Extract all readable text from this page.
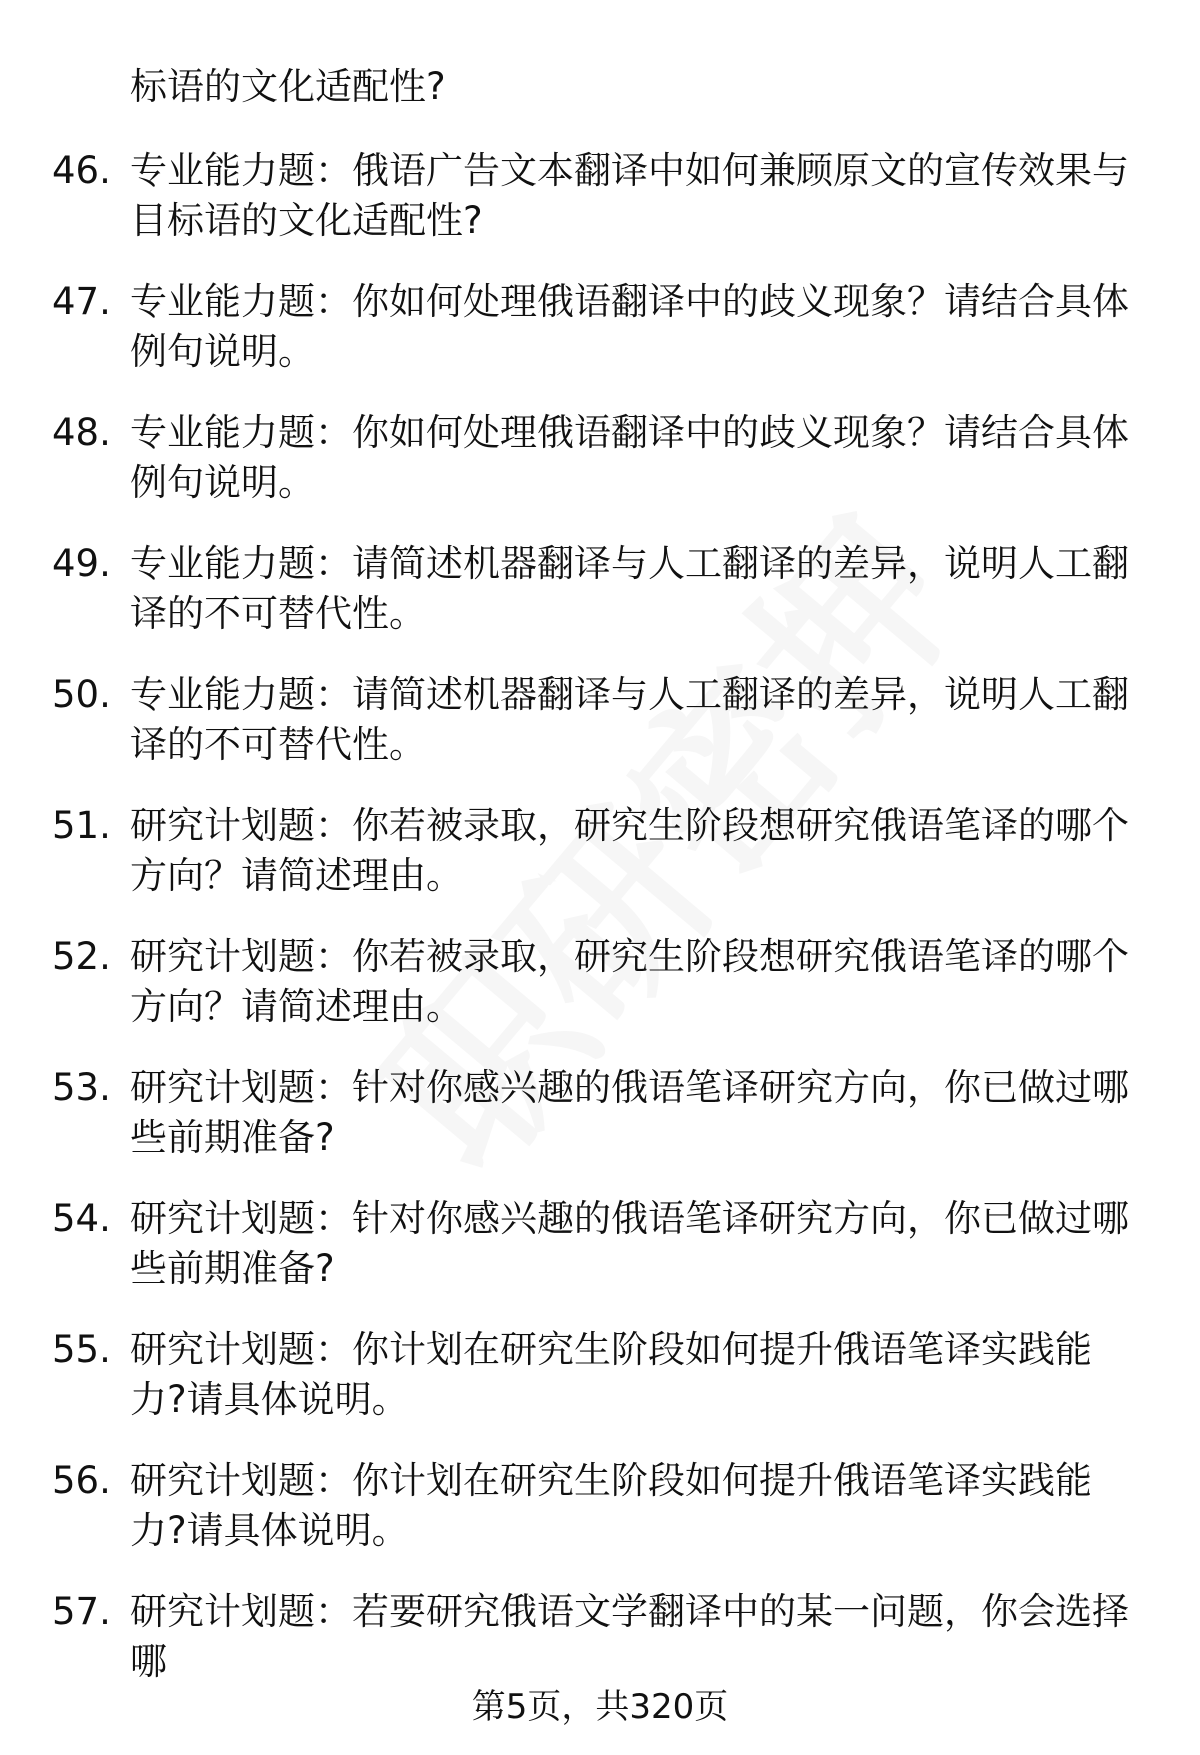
标语的文化适配性?
46. 专业能力题：俄语广告文本翻译中如何兼顾原文的宣传效果与目标语的文化适配性?
47. 专业能力题：你如何处理俄语翻译中的歧义现象？请结合具体例句说明。
48. 专业能力题：你如何处理俄语翻译中的歧义现象？请结合具体例句说明。
49. 专业能力题：请简述机器翻译与人工翻译的差异，说明人工翻译的不可替代性。
50. 专业能力题：请简述机器翻译与人工翻译的差异，说明人工翻译的不可替代性。
51. 研究计划题：你若被录取，研究生阶段想研究俄语笔译的哪个方向？请简述理由。
52. 研究计划题：你若被录取，研究生阶段想研究俄语笔译的哪个方向？请简述理由。
53. 研究计划题：针对你感兴趣的俄语笔译研究方向，你已做过哪些前期准备?
54. 研究计划题：针对你感兴趣的俄语笔译研究方向，你已做过哪些前期准备?
55. 研究计划题：你计划在研究生阶段如何提升俄语笔译实践能力?请具体说明。
56. 研究计划题：你计划在研究生阶段如何提升俄语笔译实践能力?请具体说明。
57. 研究计划题：若要研究俄语文学翻译中的某一问题，你会选择哪
第5页，共320页
